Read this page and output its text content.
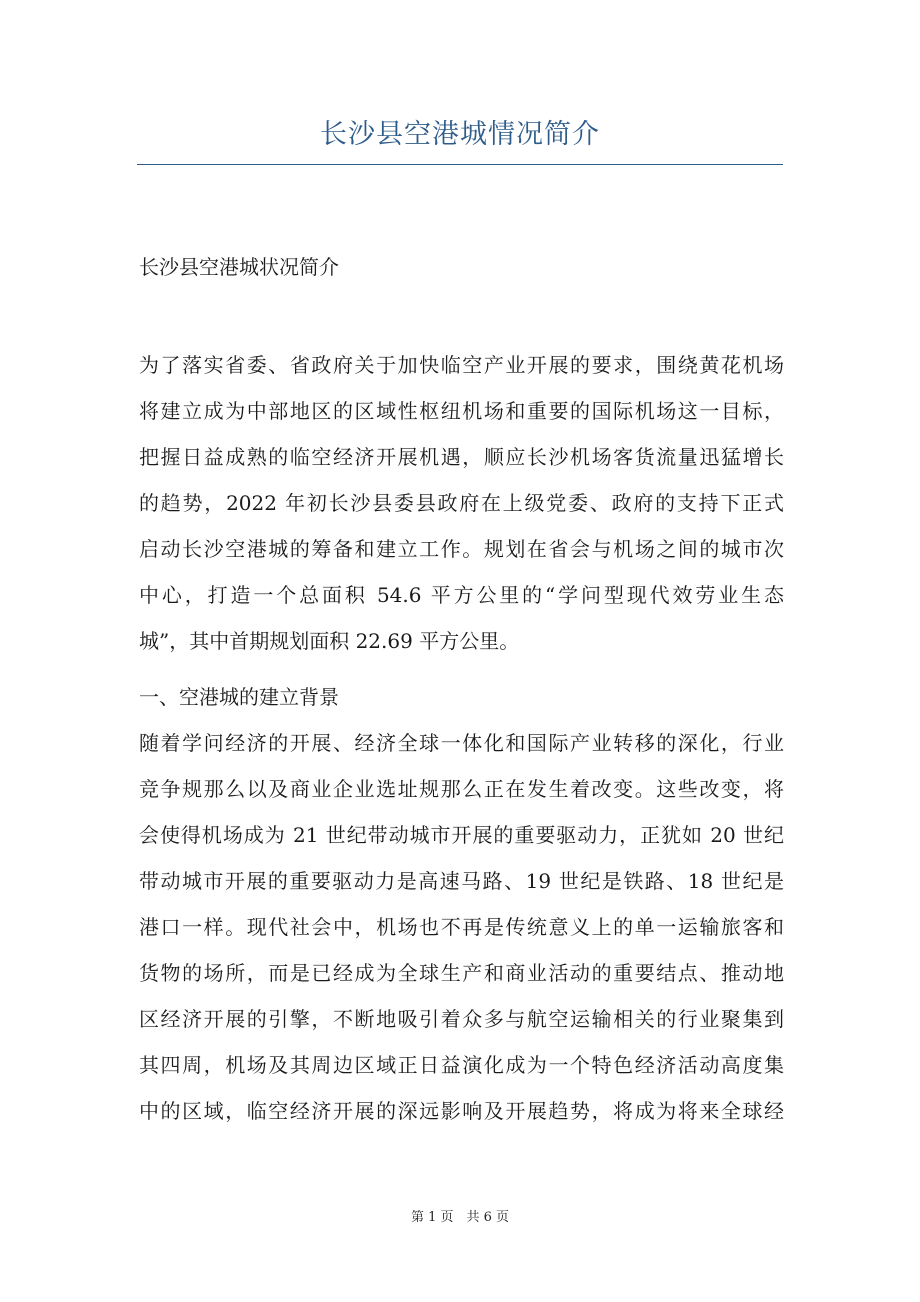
长沙县空港城情况简介
长沙县空港城状况简介
为了落实省委、省政府关于加快临空产业开展的要求，围绕黄花机场
将建立成为中部地区的区域性枢纽机场和重要的国际机场这一目标，
把握日益成熟的临空经济开展机遇，顺应长沙机场客货流量迅猛增长
的趋势，2022 年初长沙县委县政府在上级党委、政府的支持下正式
启动长沙空港城的筹备和建立工作。规划在省会与机场之间的城市次
中心，打造一个总面积 54.6 平方公里的“学问型现代效劳业生态
城”，其中首期规划面积 22.69 平方公里。
一、空港城的建立背景
随着学问经济的开展、经济全球一体化和国际产业转移的深化，行业
竞争规那么以及商业企业选址规那么正在发生着改变。这些改变，将
会使得机场成为 21 世纪带动城市开展的重要驱动力，正犹如 20 世纪
带动城市开展的重要驱动力是高速马路、19 世纪是铁路、18 世纪是
港口一样。现代社会中，机场也不再是传统意义上的单一运输旅客和
货物的场所，而是已经成为全球生产和商业活动的重要结点、推动地
区经济开展的引擎，不断地吸引着众多与航空运输相关的行业聚集到
其四周，机场及其周边区域正日益演化成为一个特色经济活动高度集
中的区域，临空经济开展的深远影响及开展趋势，将成为将来全球经
第 1 页　共 6 页
